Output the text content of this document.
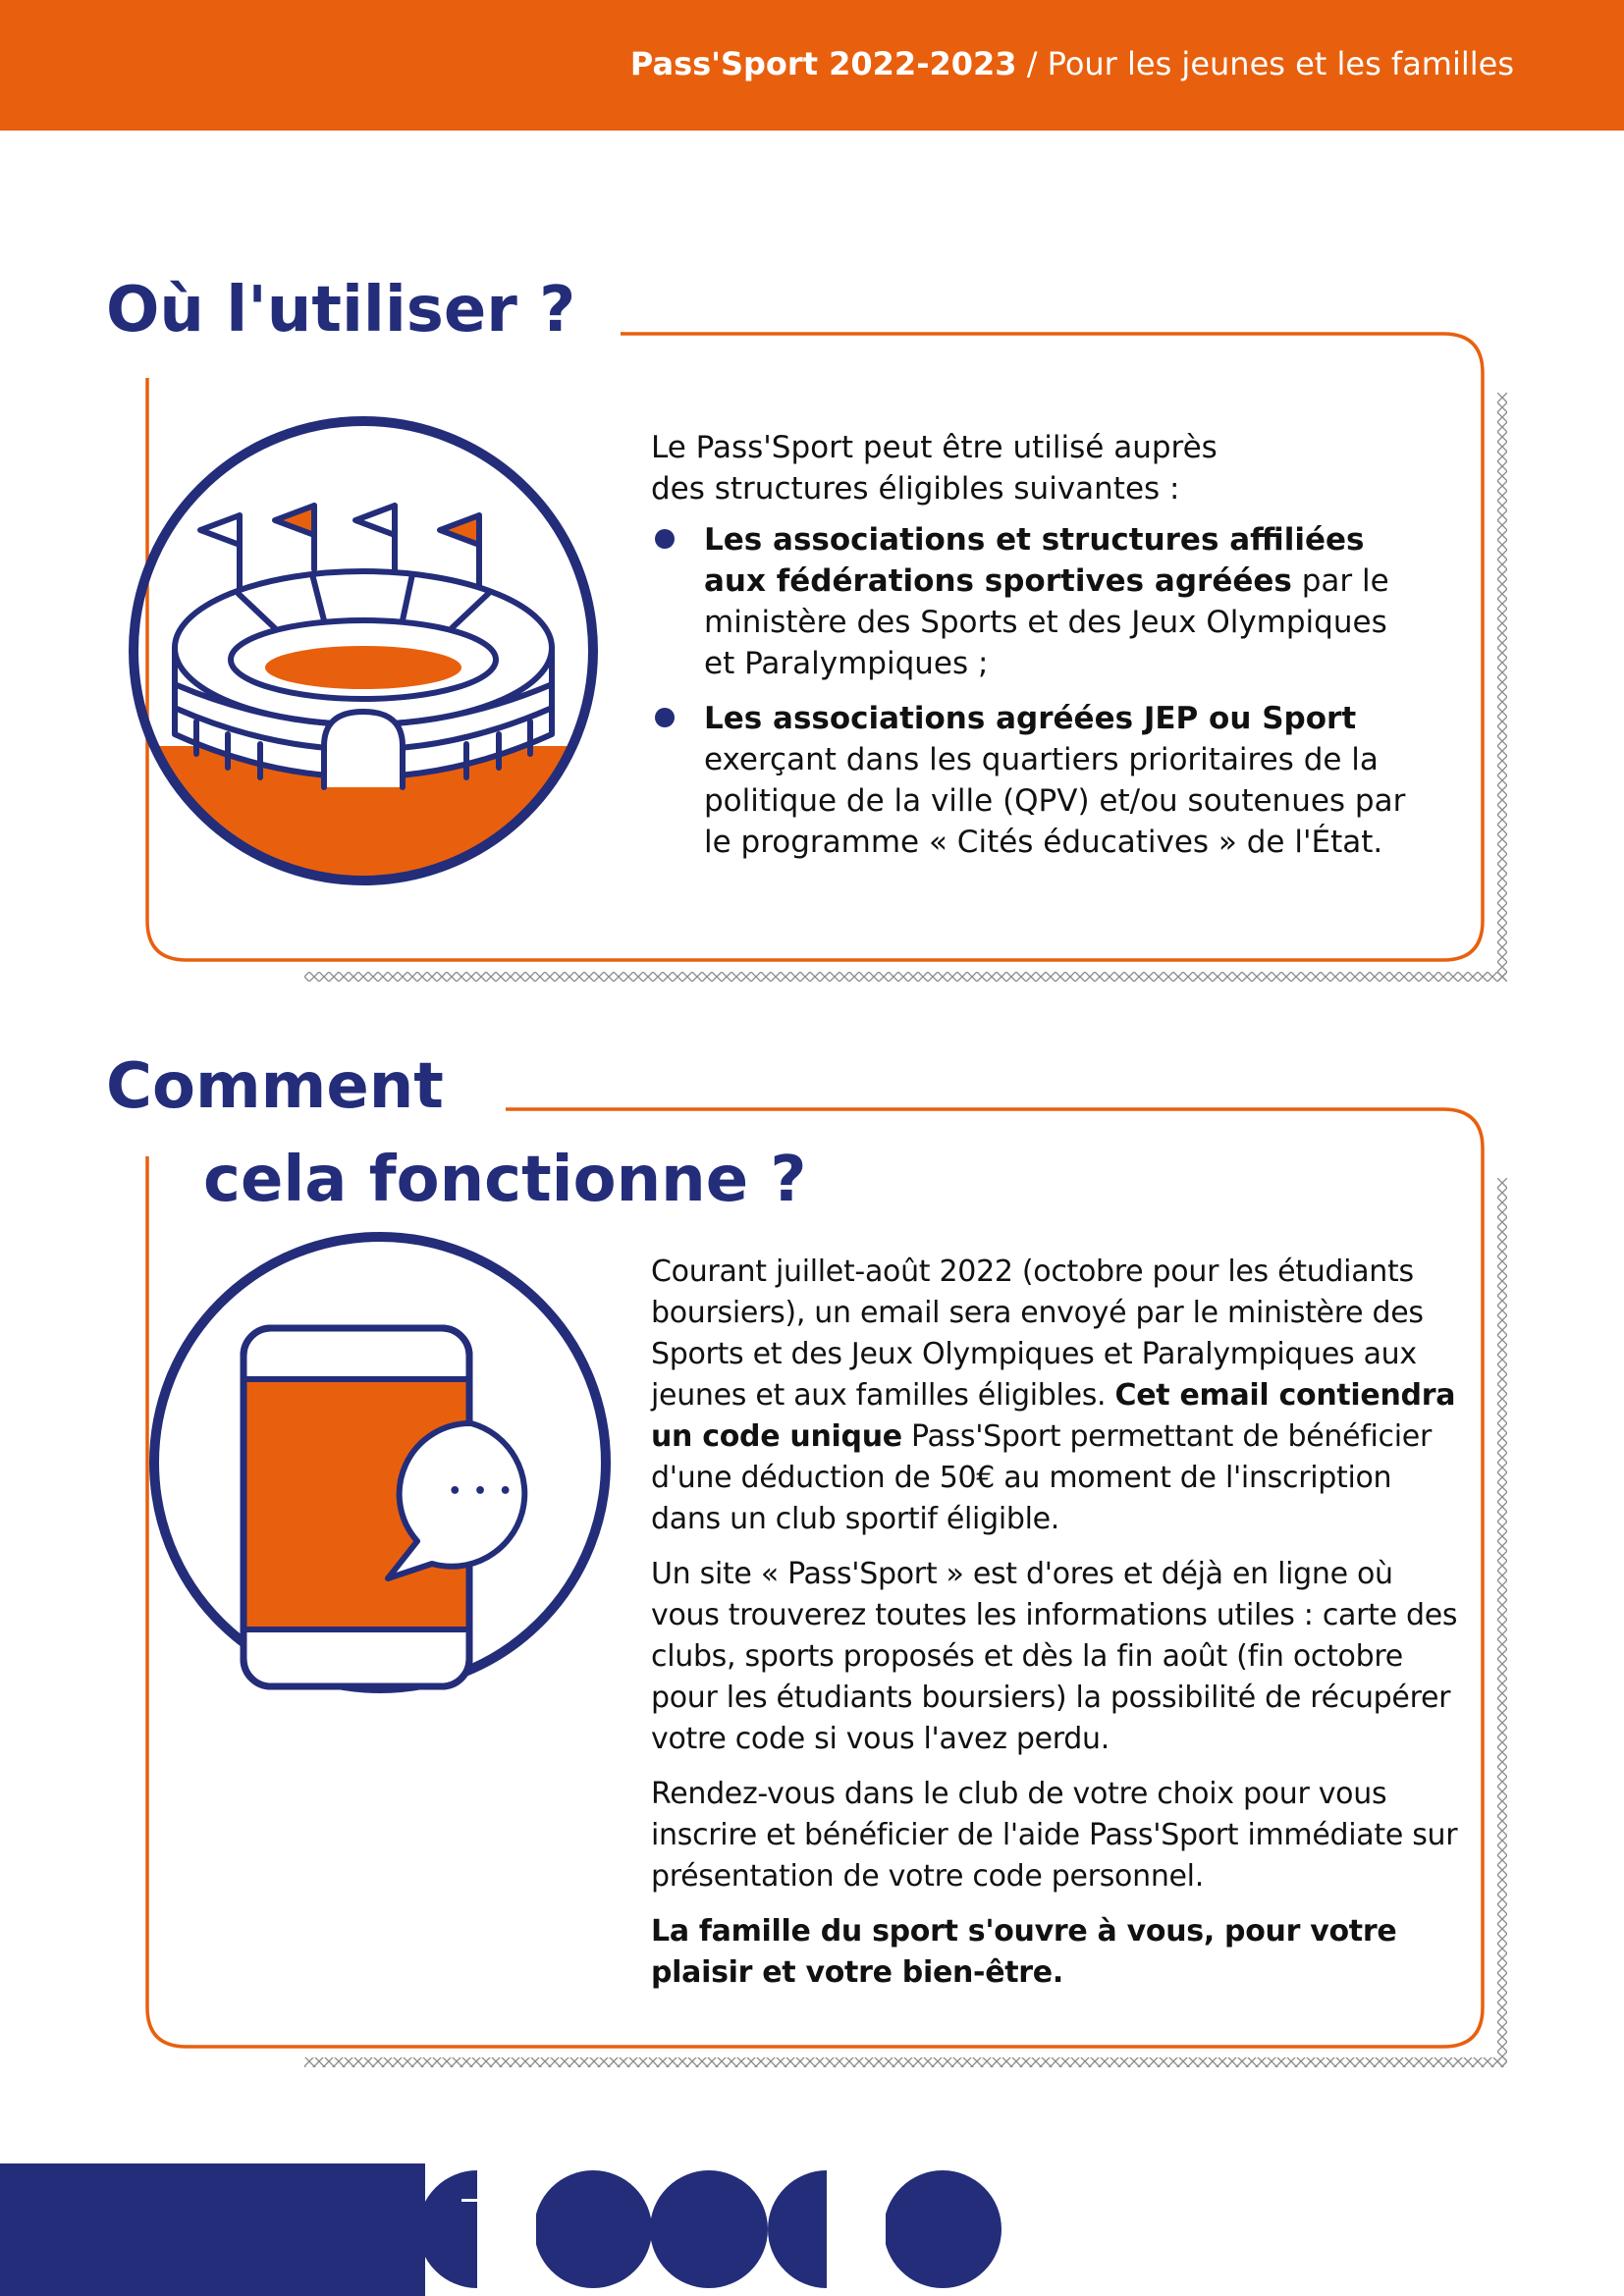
Pass'Sport 2022-2023 / Pour les jeunes et les familles
• • •
Où l'utiliser ?

Le Pass'Sport peut être utilisé auprès
des structures éligibles suivantes :

Les associations et structures affiliées aux fédérations sportives agréées par le ministère des Sports et des Jeux Olympiques et Paralympiques ;
Les associations agréées JEP ou Sport exerçant dans les quartiers prioritaires de la politique de la ville (QPV) et/ou soutenues par le programme « Cités éducatives » de l'État.
Comment
cela fonctionne ?

Courant juillet-août 2022 (octobre pour les étudiants boursiers), un email sera envoyé par le ministère des Sports et des Jeux Olympiques et Paralympiques aux jeunes et aux familles éligibles. Cet email contiendra un code unique Pass'Sport permettant de bénéficier d'une déduction de 50€ au moment de l'inscription dans un club sportif éligible.

Un site « Pass'Sport » est d'ores et déjà en ligne où vous trouverez toutes les informations utiles : carte des clubs, sports proposés et dès la fin août (fin octobre pour les étudiants boursiers) la possibilité de récupérer votre code si vous l'avez perdu.

Rendez-vous dans le club de votre choix pour vous inscrire et bénéficier de l'aide Pass'Sport immédiate sur présentation de votre code personnel.

La famille du sport s'ouvre à vous, pour votre plaisir et votre bien-être.
